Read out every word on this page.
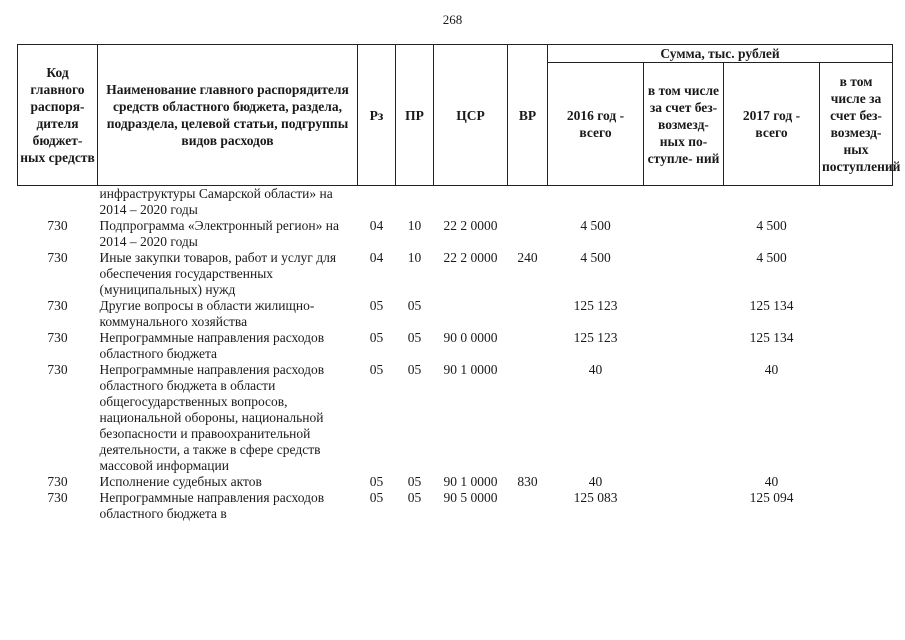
268
Код главного распоря- дителя бюджет- ных средств	Наименование главного распорядителя средств областного бюджета, раздела, подраздела, целевой статьи, подгруппы видов расходов	Рз	ПР	ЦСР	ВР	Сумма, тыс. рублей			
						2016 год - всего	в том числе за счет без- возмезд- ных по- ступле- ний	2017 год - всего	в том числе за счет без- возмезд- ных поступлений
	инфраструктуры Самарской области» на 2014 – 2020 годы								
730	Подпрограмма «Электронный регион» на 2014 – 2020 годы	04	10	22 2 0000		4 500		4 500	
730	Иные закупки товаров, работ и услуг для обеспечения государственных (муниципальных) нужд	04	10	22 2 0000	240	4 500		4 500	
730	Другие вопросы в области жилищно-коммунального хозяйства	05	05			125 123		125 134	
730	Непрограммные направления расходов областного бюджета	05	05	90 0 0000		125 123		125 134	
730	Непрограммные направления расходов областного бюджета в области общегосударственных вопросов, национальной обороны, национальной безопасности и правоохранительной деятельности, а также в сфере средств массовой информации	05	05	90 1 0000		40		40	
730	Исполнение судебных актов	05	05	90 1 0000	830	40		40	
730	Непрограммные направления расходов областного бюджета в	05	05	90 5 0000		125 083		125 094	
